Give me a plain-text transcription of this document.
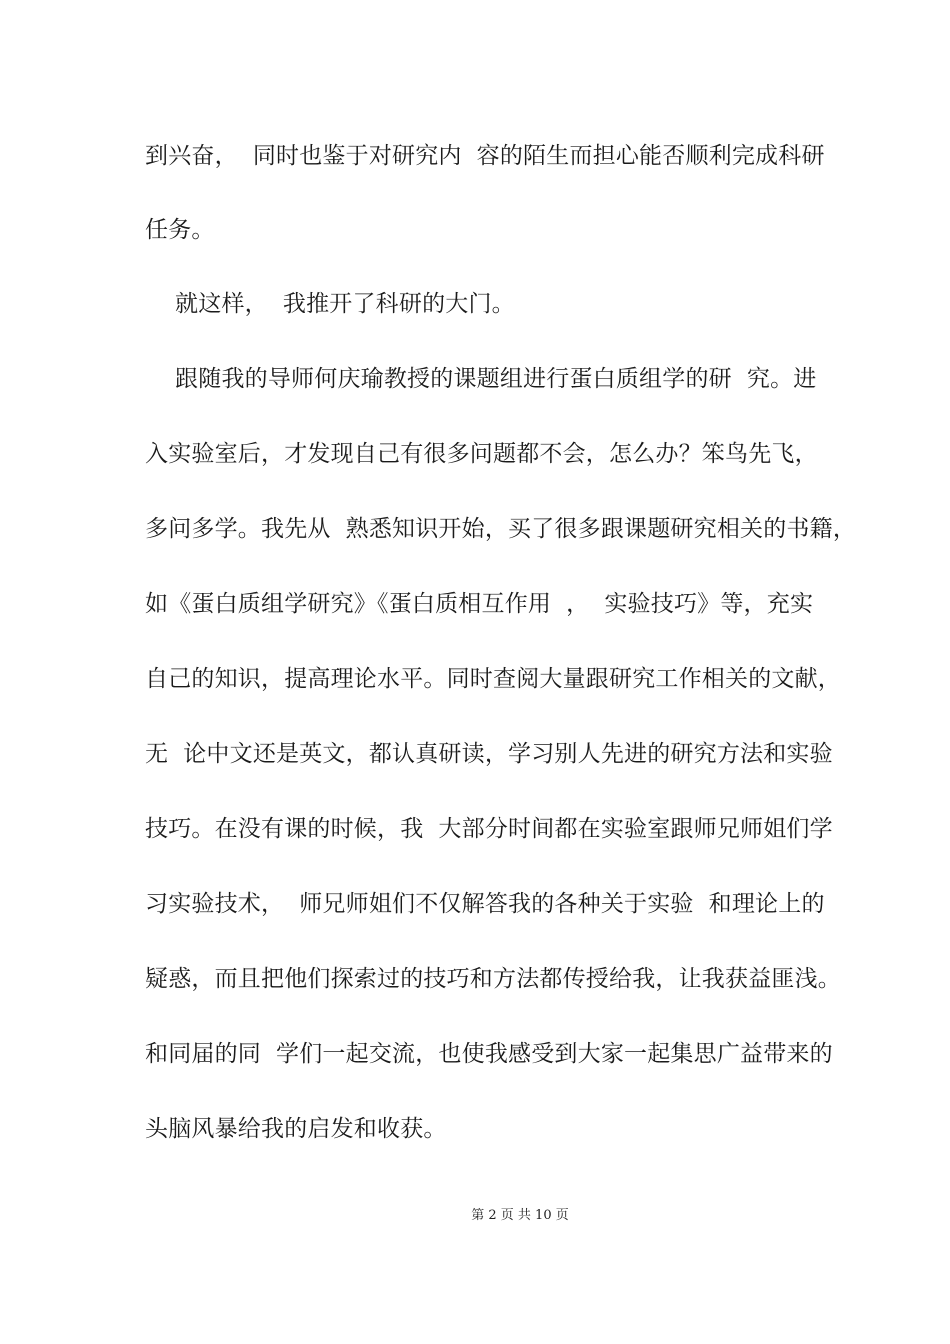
到兴奋，  同时也鉴于对研究内  容的陌生而担心能否顺利完成科研
任务。
就这样，  我推开了科研的大门。
跟随我的导师何庆瑜教授的课题组进行蛋白质组学的研  究。进
入实验室后，才发现自己有很多问题都不会，怎么办？笨鸟先飞，
多问多学。我先从  熟悉知识开始，买了很多跟课题研究相关的书籍，
如《蛋白质组学研究》《蛋白质相互作用  ，  实验技巧》等，充实
自己的知识，提高理论水平。同时查阅大量跟研究工作相关的文献，
无  论中文还是英文，都认真研读，学习别人先进的研究方法和实验
技巧。在没有课的时候，我  大部分时间都在实验室跟师兄师姐们学
习实验技术，  师兄师姐们不仅解答我的各种关于实验  和理论上的
疑惑，而且把他们探索过的技巧和方法都传授给我，让我获益匪浅。
和同届的同  学们一起交流，也使我感受到大家一起集思广益带来的
头脑风暴给我的启发和收获。
第 2 页 共 10 页
